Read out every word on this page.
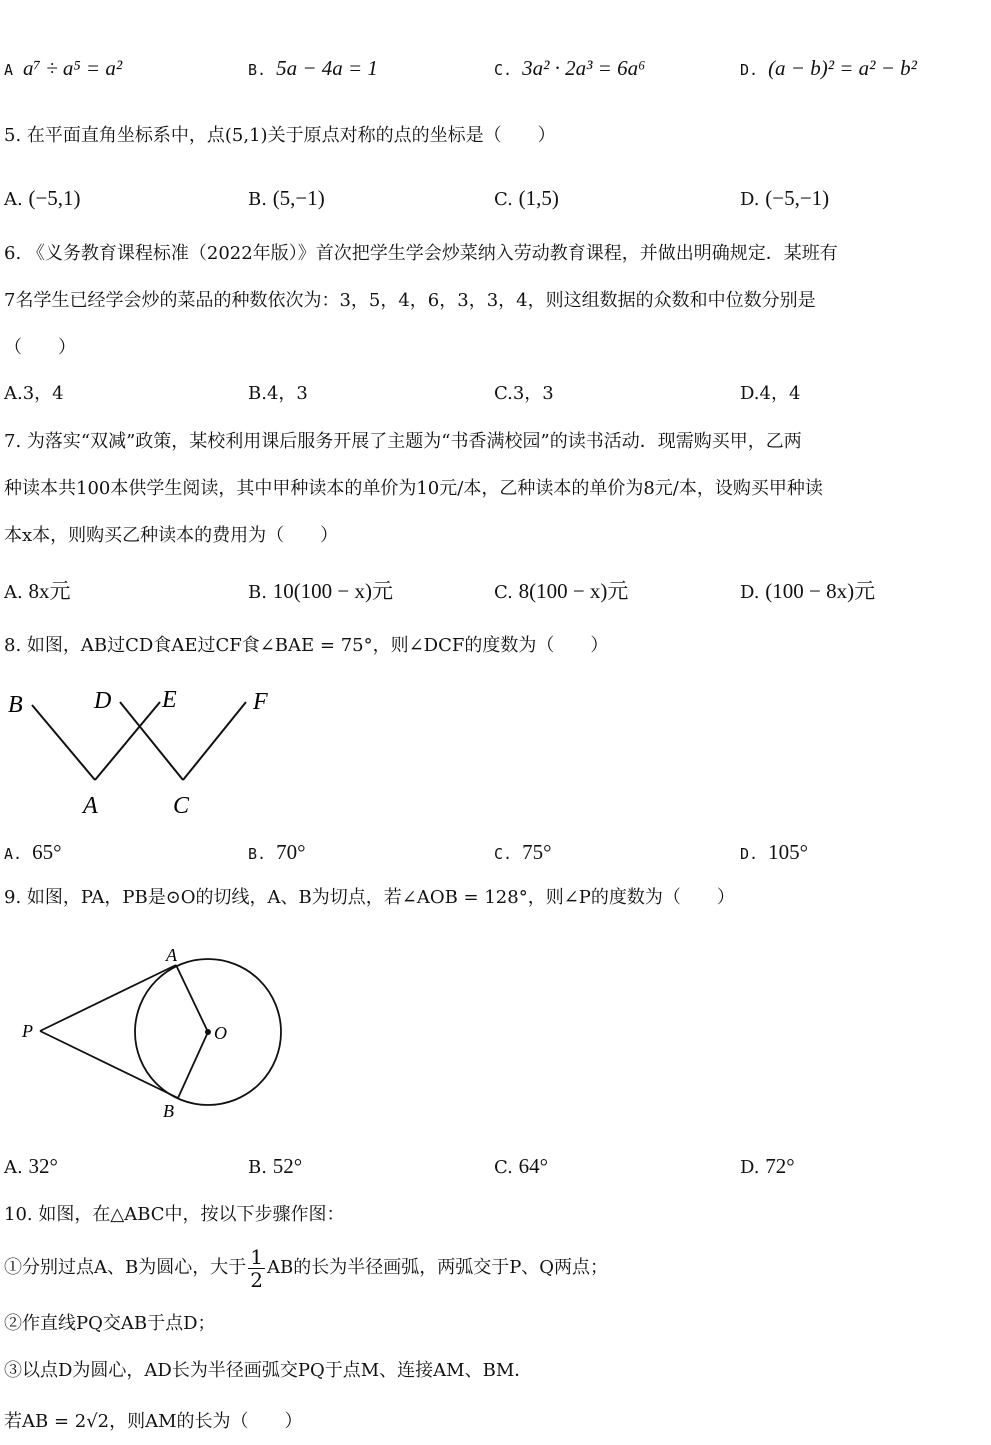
A a⁷ ÷ a⁵ = a²	B. 5a − 4a = 1	C. 3a² · 2a³ = 6a⁶	D. (a − b)² = a² − b²
5. 在平面直角坐标系中，点(5,1)关于原点对称的点的坐标是（　　）
A. (−5,1)	B. (5,−1)	C. (1,5)	D. (−5,−1)
6. 《义务教育课程标准（2022年版）》首次把学生学会炒菜纳入劳动教育课程，并做出明确规定．某班有
7名学生已经学会炒的菜品的种数依次为：3，5，4，6，3，3，4，则这组数据的众数和中位数分别是
（　　）
A.3，4	B.4，3	C.3，3	D.4，4
7. 为落实“双减”政策，某校利用课后服务开展了主题为“书香满校园”的读书活动．现需购买甲，乙两
种读本共100本供学生阅读，其中甲种读本的单价为10元/本，乙种读本的单价为8元/本，设购买甲种读
本x本，则购买乙种读本的费用为（　　）
A. 8x元	B. 10(100 − x)元	C. 8(100 − x)元	D. (100 − 8x)元
8. 如图，AB过CD食AE过CF食∠BAE = 75°，则∠DCF的度数为（　　）
B	D E	F
A	C
A. 65°	B. 70°	C. 75°	D. 105°
9. 如图，PA，PB是⊙O的切线，A、B为切点，若∠AOB = 128°，则∠P的度数为（　　）
A
B
P	O
A. 32°	B. 52°	C. 64°	D. 72°
10. 如图，在△ABC中，按以下步骤作图：
①分别过点A、B为圆心，大于 $\frac{1}{2}$ AB的长为半径画弧，两弧交于P、Q两点；
②作直线PQ交AB于点D；
③以点D为圆心，AD长为半径画弧交PQ于点M、连接AM、BM．
若AB = 2√2，则AM的长为（　　）
